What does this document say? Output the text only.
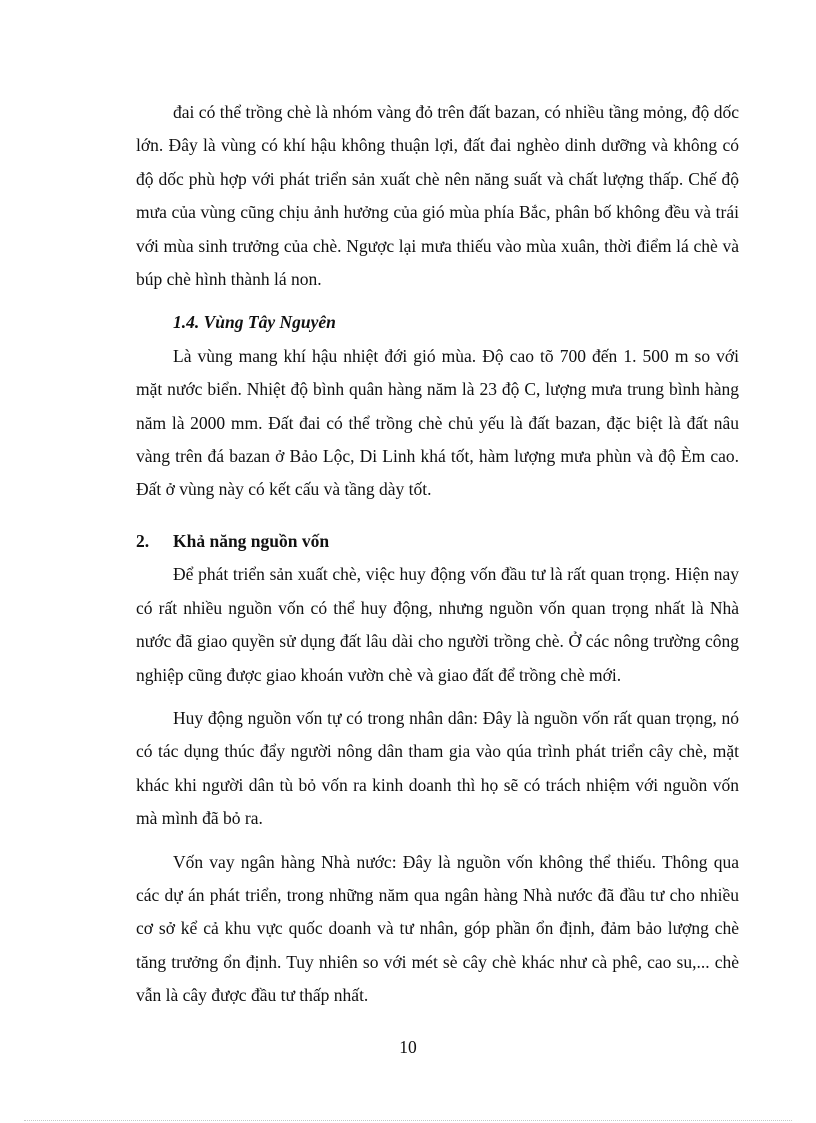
đai có thể trồng chè là nhóm vàng đỏ trên đất bazan, có nhiều tầng mỏng, độ dốc lớn. Đây là vùng có khí hậu không thuận lợi, đất đai nghèo dinh dưỡng và không có độ dốc phù hợp với phát triển sản xuất chè nên năng suất và chất lượng thấp. Chế độ mưa của vùng cũng chịu ảnh hưởng của gió mùa phía Bắc, phân bố không đều và trái với mùa sinh trưởng của chè. Ngược lại mưa thiếu vào mùa xuân, thời điểm lá chè và búp chè hình thành lá non.

1.4. Vùng Tây Nguyên

Là vùng mang khí hậu nhiệt đới gió mùa. Độ cao tõ 700 đến 1. 500 m so với mặt nước biển. Nhiệt độ bình quân hàng năm là 23 độ C, lượng mưa trung bình hàng năm là 2000 mm. Đất đai có thể trồng chè chủ yếu là đất bazan, đặc biệt là đất nâu vàng trên đá bazan ở Bảo Lộc, Di Linh khá tốt, hàm lượng mưa phùn và độ Èm cao. Đất ở vùng này có kết cấu và tầng dày tốt.

2.	Khả năng nguồn vốn

Để phát triển sản xuất chè, việc huy động vốn đầu tư là rất quan trọng. Hiện nay có rất nhiều nguồn vốn có thể huy động, nhưng nguồn vốn quan trọng nhất là Nhà nước đã giao quyền sử dụng đất lâu dài cho người trồng chè. Ở các nông trường công nghiệp cũng được giao khoán vườn chè và giao đất để trồng chè mới.

Huy động nguồn vốn tự có trong nhân dân: Đây là nguồn vốn rất quan trọng, nó có tác dụng thúc đẩy người nông dân tham gia vào qúa trình phát triển cây chè, mặt khác khi người dân tù bỏ vốn ra kinh doanh thì họ sẽ có trách nhiệm với nguồn vốn mà mình đã bỏ ra.

Vốn vay ngân hàng Nhà nước: Đây là nguồn vốn không thể thiếu. Thông qua các dự án phát triển, trong những năm qua ngân hàng Nhà nước đã đầu tư cho nhiều cơ sở kể cả khu vực quốc doanh và tư nhân, góp phần ổn định, đảm bảo lượng chè tăng trưởng ổn định. Tuy nhiên so với mét sè cây chè khác như cà phê, cao su,... chè vẫn là cây được đầu tư thấp nhất.

10
